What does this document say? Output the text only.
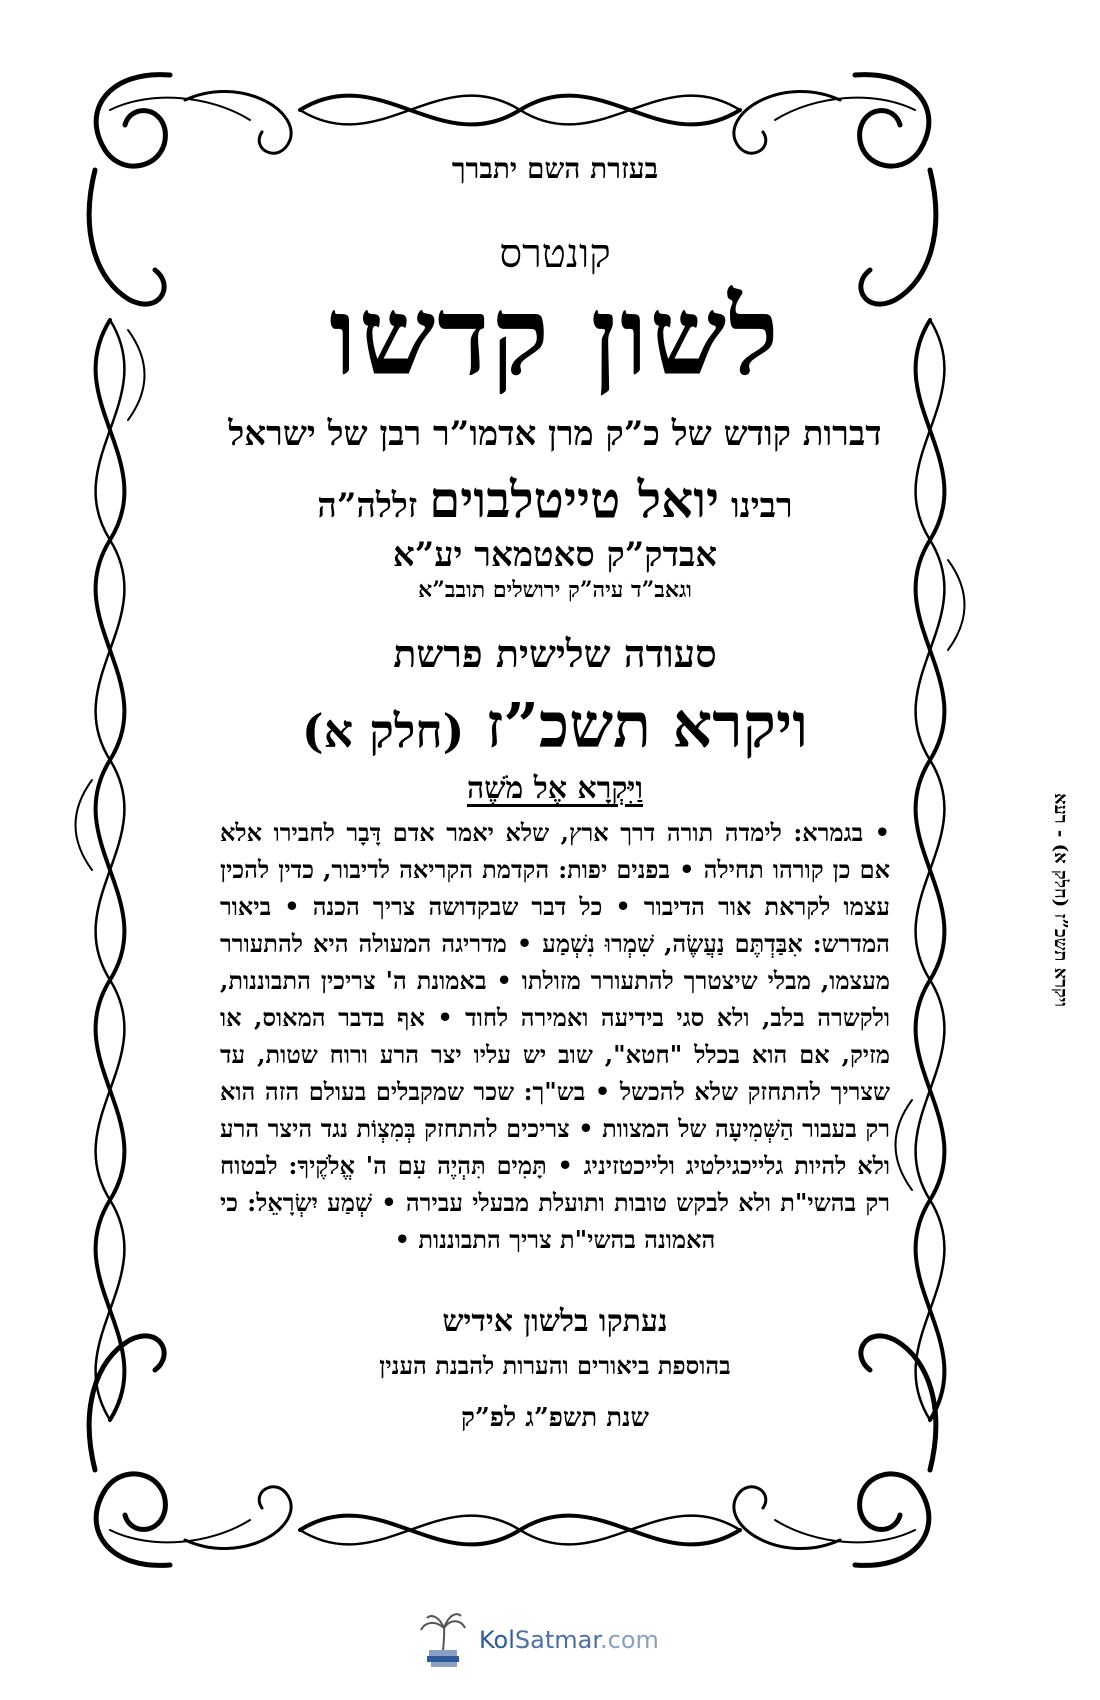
בעזרת השם יתברך
קונטרס
לשון קדשו
דברות קודש של כ”ק מרן אדמו”ר רבן של ישראל
רבינו יואל טייטלבוים זללה”ה
אבדק”ק סאטמאר יע”א
וגאב”ד עיה”ק ירושלים תובב”א
סעודה שלישית פרשת
ויקרא תשכ”ז (חלק א)
וַיִּקְרָא אֶל מֹשֶׁה
• בגמרא: לימדה תורה דרך ארץ, שלא יאמר אדם דָּבָר לחבירו אלא אם כן קורהו תחילה • בפנים יפות: הקדמת הקריאה לדיבור, כדין להכין עצמו לקראת אור הדיבור • כל דבר שבקדושה צריך הכנה • ביאור המדרש: אִבַּדְתֶּם נַעֲשֶׂה, שִׁמְרוּ נִשְׁמַע • מדריגה המעולה היא להתעורר מעצמו, מבלי שיצטרך להתעורר מזולתו • באמונת ה' צריכין התבוננות, ולקשרה בלב, ולא סגי בידיעה ואמירה לחוד • אף בדבר המאוס, או מזיק, אם הוא בכלל "חטא", שוב יש עליו יצר הרע ורוח שטות, עד שצריך להתחזק שלא להכשל • בש"ך: שכר שמקבלים בעולם הזה הוא רק בעבור הַשְּׁמִיעָה של המצוות • צריכים להתחזק בְּמִצְוֹת נגד היצר הרע ולא להיות גלייכגילטיג ולייכטזיניג • תָּמִים תִּהְיֶה עִם ה' אֱלֹקֶיךָ: לבטוח רק בהשי"ת ולא לבקש טובות ותועלת מבעלי עבירה • שְׁמַע יִשְׂרָאֵל: כי האמונה בהשי"ת צריך התבוננות •
נעתקו בלשון אידיש
בהוספת ביאורים והערות להבנת הענין
שנת תשפ”ג לפ”ק
ויקרא תשכ”ז (חלק א) - רעא
KolSatmar.com
